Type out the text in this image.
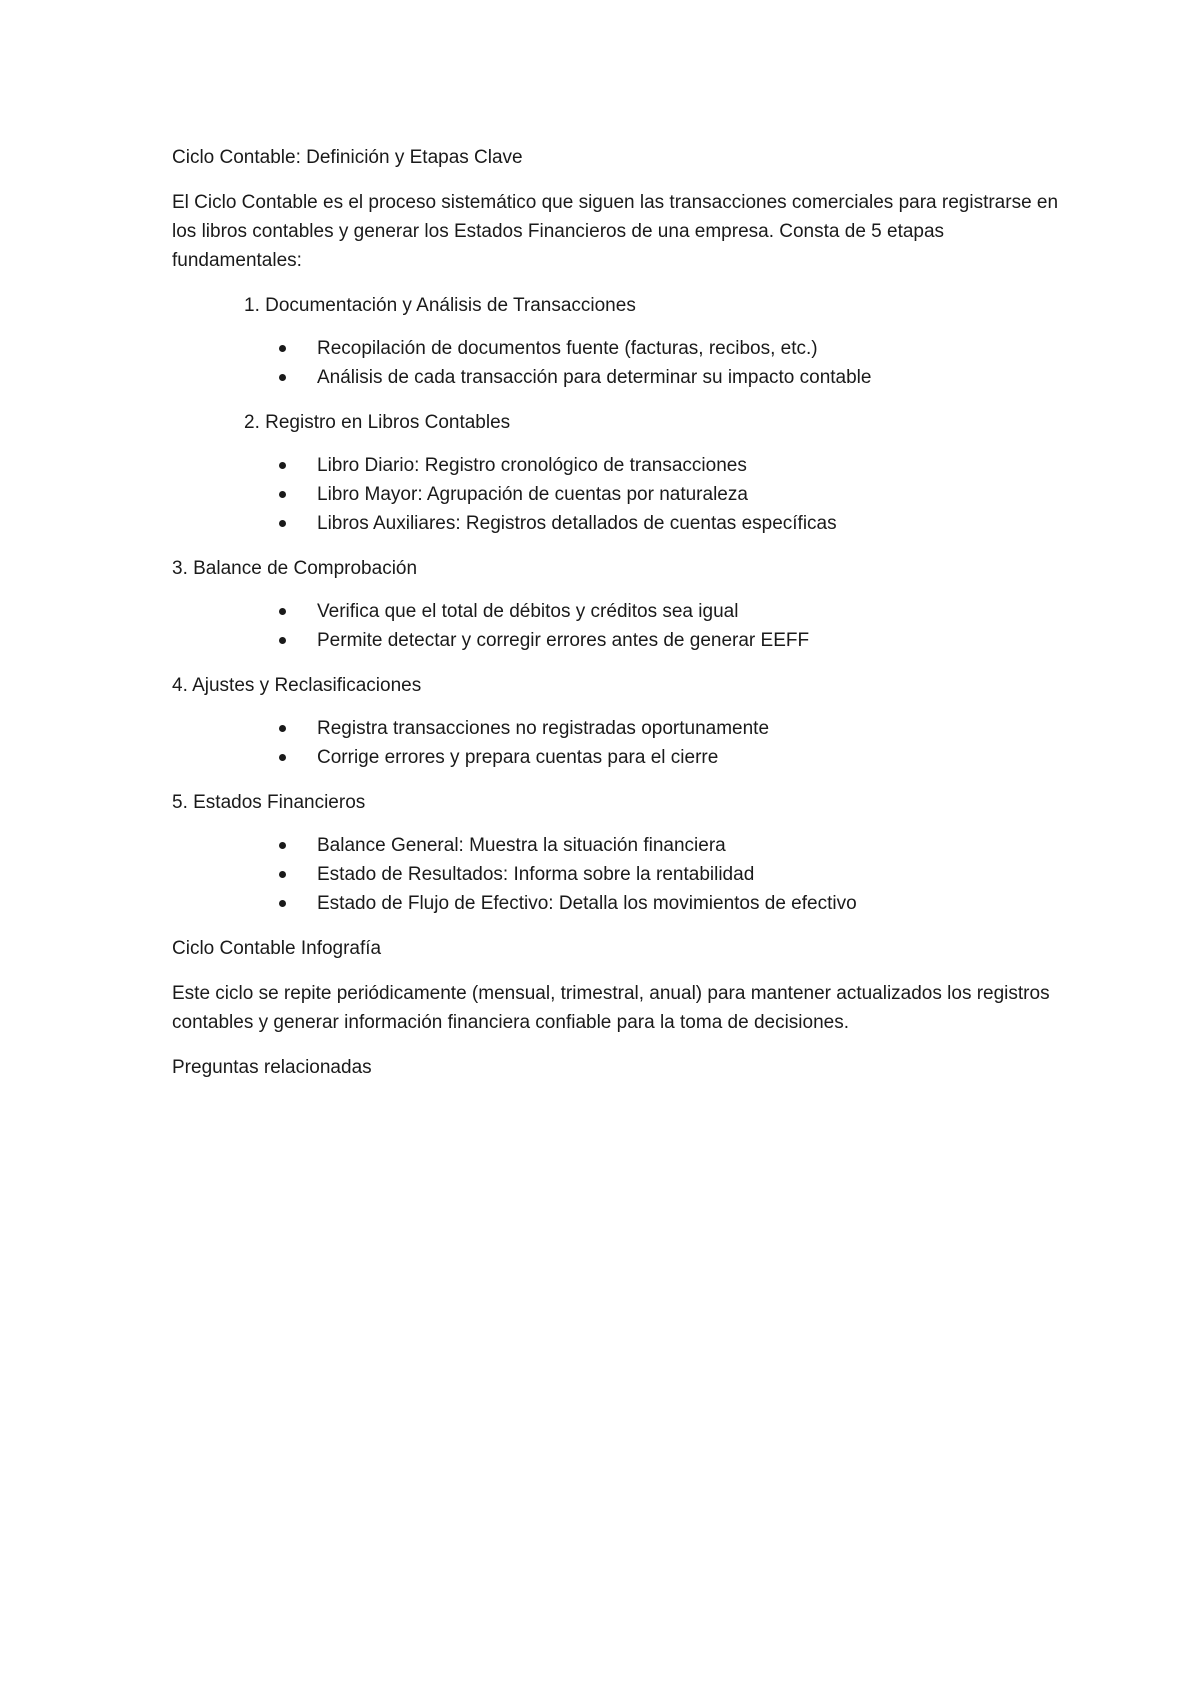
Ciclo Contable: Definición y Etapas Clave

El Ciclo Contable es el proceso sistemático que siguen las transacciones comerciales para registrarse en los libros contables y generar los Estados Financieros de una empresa. Consta de 5 etapas fundamentales:

1. Documentación y Análisis de Transacciones
Recopilación de documentos fuente (facturas, recibos, etc.)
Análisis de cada transacción para determinar su impacto contable
2. Registro en Libros Contables
Libro Diario: Registro cronológico de transacciones
Libro Mayor: Agrupación de cuentas por naturaleza
Libros Auxiliares: Registros detallados de cuentas específicas
3. Balance de Comprobación
Verifica que el total de débitos y créditos sea igual
Permite detectar y corregir errores antes de generar EEFF
4. Ajustes y Reclasificaciones
Registra transacciones no registradas oportunamente
Corrige errores y prepara cuentas para el cierre
5. Estados Financieros
Balance General: Muestra la situación financiera
Estado de Resultados: Informa sobre la rentabilidad
Estado de Flujo de Efectivo: Detalla los movimientos de efectivo

Ciclo Contable Infografía

Este ciclo se repite periódicamente (mensual, trimestral, anual) para mantener actualizados los registros contables y generar información financiera confiable para la toma de decisiones.

Preguntas relacionadas
